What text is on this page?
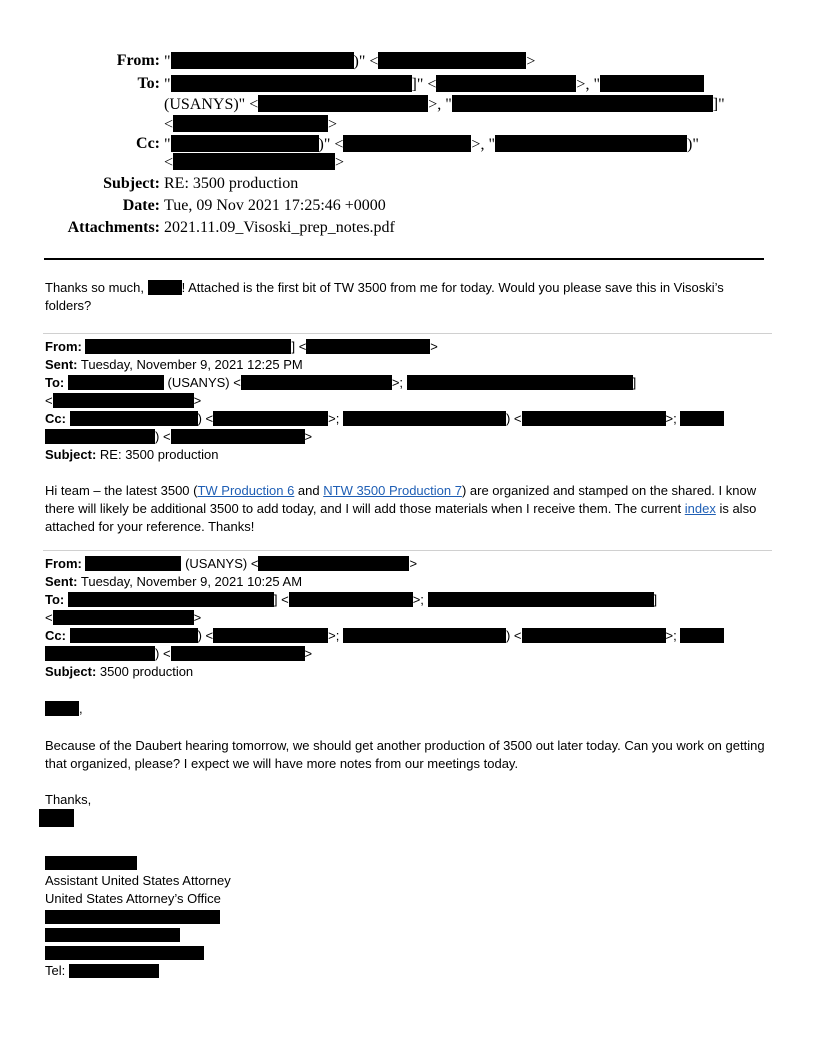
From: "	)" <	>
To: "	]" <	>, "
(USANYS)" <	>, "	]"
<	>
Cc: "	)" <	>, "	)"
<	>
Subject: RE: 3500 production
Date: Tue, 09 Nov 2021 17:25:46 +0000
Attachments: 2021.11.09_Visoski_prep_notes.pdf

Thanks so much,	! Attached is the first bit of TW 3500 from me for today. Would you please save this in Visoski’s folders?

From:	] <	>
Sent: Tuesday, November 9, 2021 12:25 PM
To:	(USANYS) <	>;	]
<	>
Cc:	) <	>;	) <	>;
) <	>
Subject: RE: 3500 production

Hi team – the latest 3500 (TW Production 6 and NTW 3500 Production 7) are organized and stamped on the shared. I know there will likely be additional 3500 to add today, and I will add those materials when I receive them. The current index is also attached for your reference. Thanks!

From:	(USANYS) <	>
Sent: Tuesday, November 9, 2021 10:25 AM
To:	] <	>;	]
<	>
Cc:	) <	>;	) <	>;
) <	>
Subject: 3500 production

,

Because of the Daubert hearing tomorrow, we should get another production of 3500 out later today. Can you work on getting that organized, please? I expect we will have more notes from our meetings today.

Thanks,

Assistant United States Attorney
United States Attorney’s Office
Tel:
